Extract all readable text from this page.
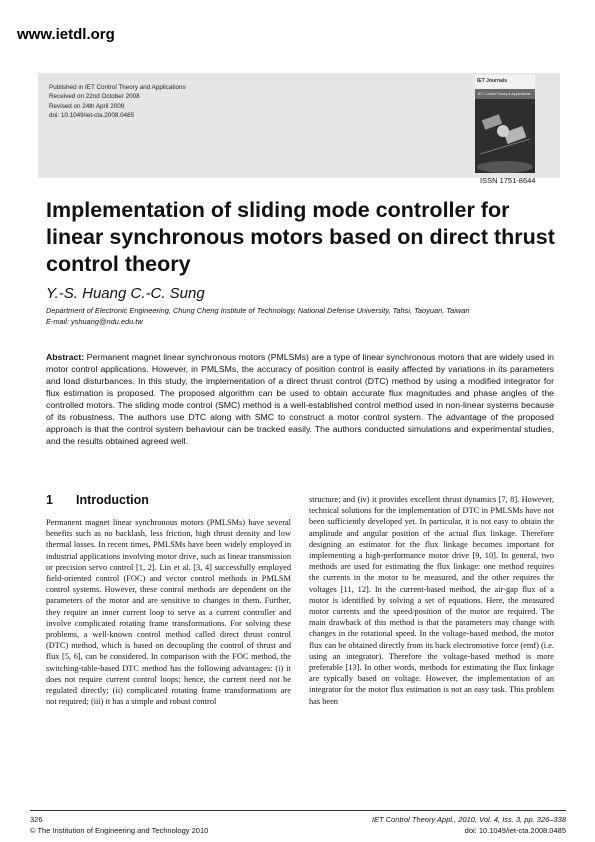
www.ietdl.org
Published in IET Control Theory and Applications
Received on 22nd October 2008
Revised on 24th April 2009
doi: 10.1049/iet-cta.2008.0485
IET Journals
IET Control Theory & Applications
ISSN 1751-8644
Implementation of sliding mode controller for linear synchronous motors based on direct thrust control theory
Y.-S. Huang C.-C. Sung
Department of Electronic Engineering, Chung Cheng Institute of Technology, National Defense University, Tahsi, Taoyuan, Taiwan
E-mail: yshuang@ndu.edu.tw

Abstract: Permanent magnet linear synchronous motors (PMLSMs) are a type of linear synchronous motors that are widely used in motor control applications. However, in PMLSMs, the accuracy of position control is easily affected by variations in its parameters and load disturbances. In this study, the implementation of a direct thrust control (DTC) method by using a modified integrator for flux estimation is proposed. The proposed algorithm can be used to obtain accurate flux magnitudes and phase angles of the controlled motors. The sliding mode control (SMC) method is a well-established control method used in non-linear systems because of its robustness. The authors use DTC along with SMC to construct a motor control system. The advantage of the proposed approach is that the control system behaviour can be tracked easily. The authors conducted simulations and experimental studies, and the results obtained agreed well.

1 Introduction

Permanent magnet linear synchronous motors (PMLSMs) have several benefits such as no backlash, less friction, high thrust density and low thermal losses. In recent times, PMLSMs have been widely employed in industrial applications involving motor drive, such as linear transmission or precision servo control [1, 2]. Lin et al. [3, 4] successfully employed field-oriented control (FOC) and vector control methods in PMLSM control systems. However, these control methods are dependent on the parameters of the motor and are sensitive to changes in them. Further, they require an inner current loop to serve as a current controller and involve complicated rotating frame transformations. For solving these problems, a well-known control method called direct thrust control (DTC) method, which is based on decoupling the control of thrust and flux [5, 6], can be considered. In comparison with the FOC method, the switching-table-based DTC method has the following advantages: (i) it does not require current control loops; hence, the current need not be regulated directly; (ii) complicated rotating frame transformations are not required; (iii) it has a simple and robust control

structure; and (iv) it provides excellent thrust dynamics [7, 8]. However, technical solutions for the implementation of DTC in PMLSMs have not been sufficiently developed yet. In particular, it is not easy to obtain the amplitude and angular position of the actual flux linkage. Therefore designing an estimator for the flux linkage becomes important for implementing a high-performance motor drive [9, 10]. In general, two methods are used for estimating the flux linkage: one method requires the currents in the motor to be measured, and the other requires the voltages [11, 12]. In the current-based method, the air-gap flux of a motor is identified by solving a set of equations. Here, the measured motor currents and the speed/position of the motor are required. The main drawback of this method is that the parameters may change with changes in the rotational speed. In the voltage-based method, the motor flux can be obtained directly from its back electromotive force (emf) (i.e. using an integrator). Therefore the voltage-based method is more preferable [13]. In other words, methods for estimating the flux linkage are typically based on voltage. However, the implementation of an integrator for the motor flux estimation is not an easy task. This problem has been

326
© The Institution of Engineering and Technology 2010
IET Control Theory Appl., 2010, Vol. 4, Iss. 3, pp. 326–338
doi: 10.1049/iet-cta.2008.0485
